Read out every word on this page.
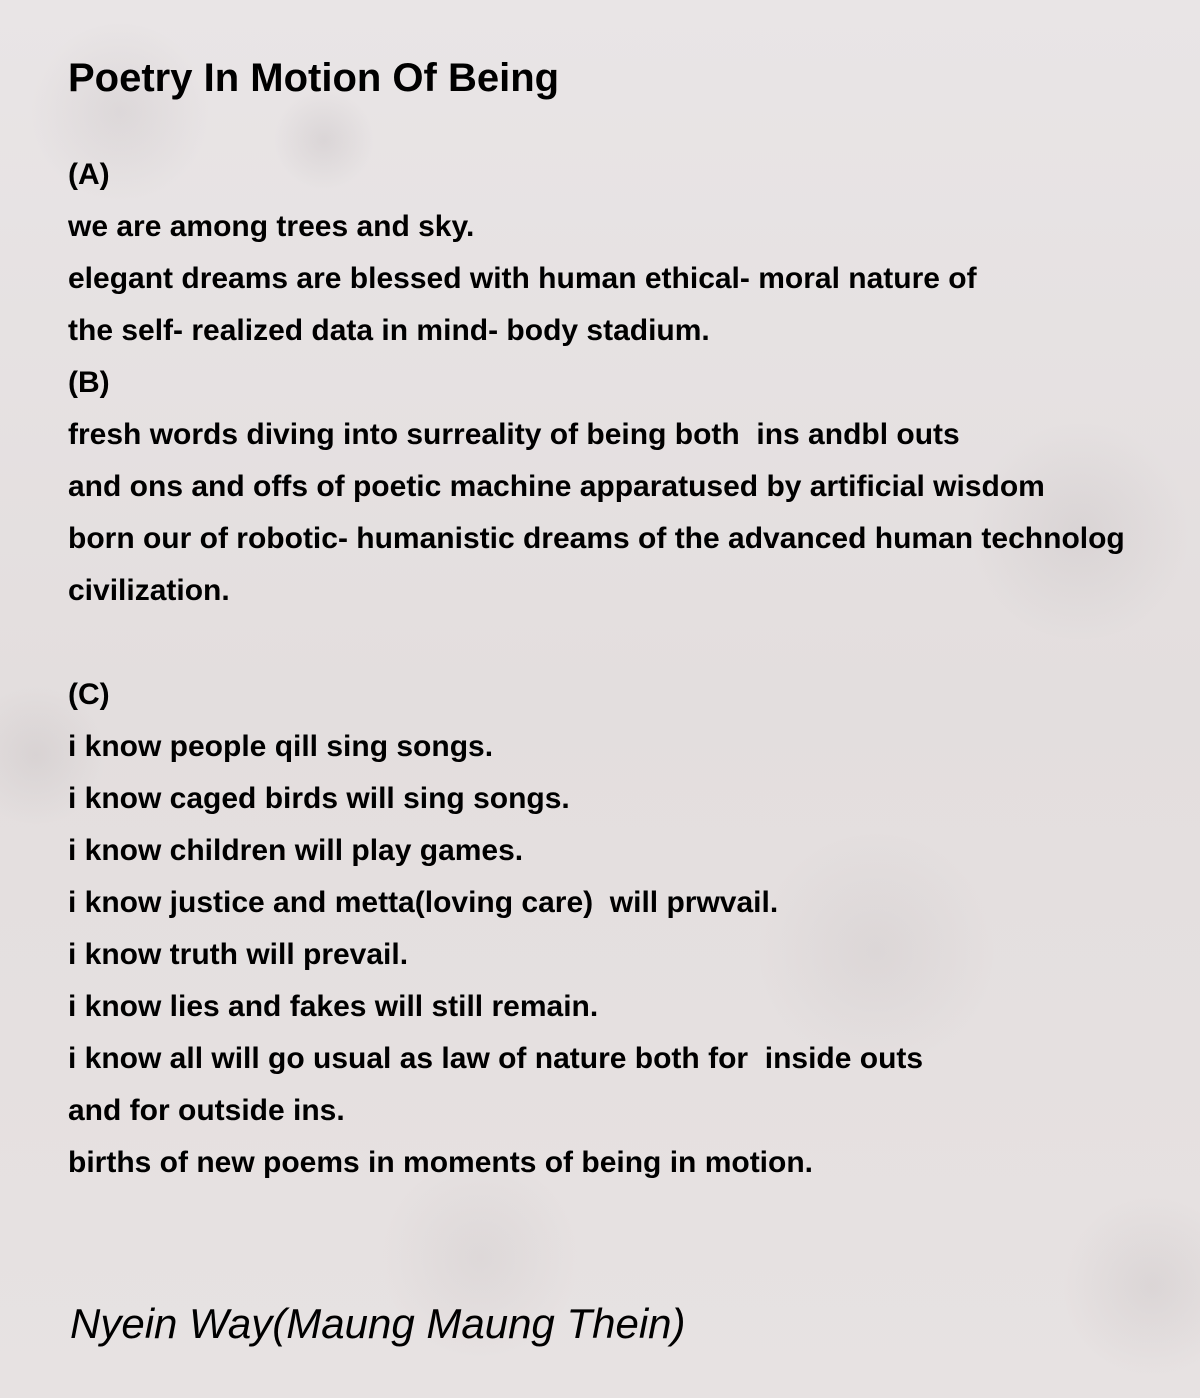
Poetry In Motion Of Being
(A)
we are among trees and sky.
elegant dreams are blessed with human ethical- moral nature of
the self- realized data in mind- body stadium.
(B)
fresh words diving into surreality of being both  ins andbl outs
and ons and offs of poetic machine apparatused by artificial wisdom
born our of robotic- humanistic dreams of the advanced human technolog
civilization.
(C)
i know people qill sing songs.
i know caged birds will sing songs.
i know children will play games.
i know justice and metta(loving care)  will prwvail.
i know truth will prevail.
i know lies and fakes will still remain.
i know all will go usual as law of nature both for  inside outs
and for outside ins.
births of new poems in moments of being in motion.
Nyein Way(Maung Maung Thein)
